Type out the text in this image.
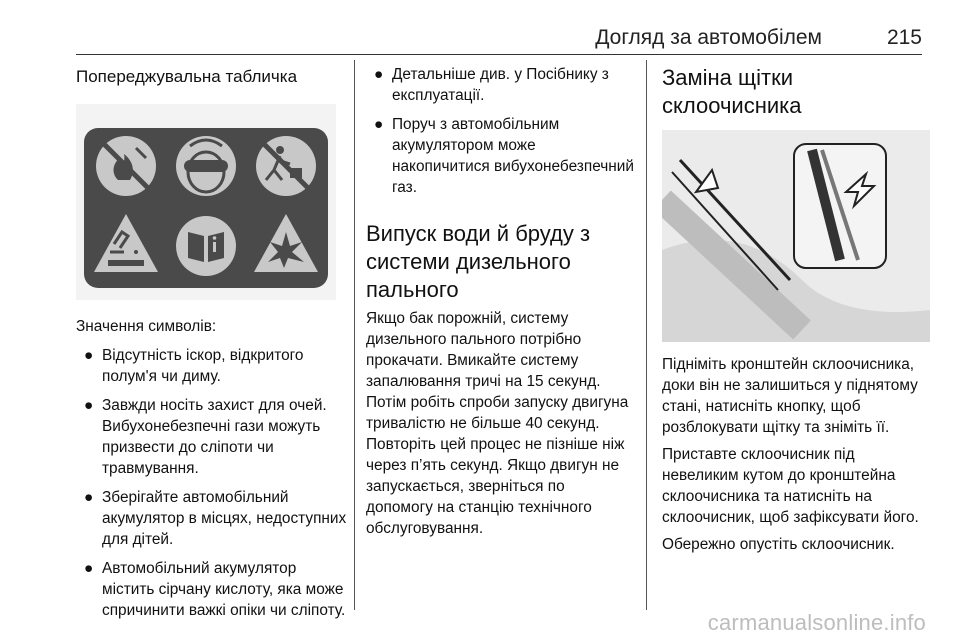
Догляд за автомобілем	215
Попереджувальна табличка

Значення символів:

● Відсутність іскор, відкритого полум'я чи диму.
● Завжди носіть захист для очей. Вибухонебезпечні гази можуть призвести до сліпоти чи травмування.
● Зберігайте автомобільний акумулятор в місцях, недоступних для дітей.
● Автомобільний акумулятор містить сірчану кислоту, яка може спричинити важкі опіки чи сліпоту.
● Детальніше див. у Посібнику з експлуатації.
● Поруч з автомобільним акумулятором може накопичитися вибухонебезпечний газ.
Випуск води й бруду з системи дизельного пального

Якщо бак порожній, систему дизельного пального потрібно прокачати. Вмикайте систему запалювання тричі на 15 секунд. Потім робіть спроби запуску двигуна тривалістю не більше 40 секунд. Повторіть цей процес не пізніше ніж через п’ять секунд. Якщо двигун не запускається, зверніться по допомогу на станцію технічного обслуговування.

Заміна щітки склоочисника

Підніміть кронштейн склоочисника, доки він не залишиться у піднятому стані, натисніть кнопку, щоб розблокувати щітку та зніміть її.

Приставте склоочисник під невеликим кутом до кронштейна склоочисника та натисніть на склоочисник, щоб зафіксувати його.

Обережно опустіть склоочисник.

carmanualsonline.info
